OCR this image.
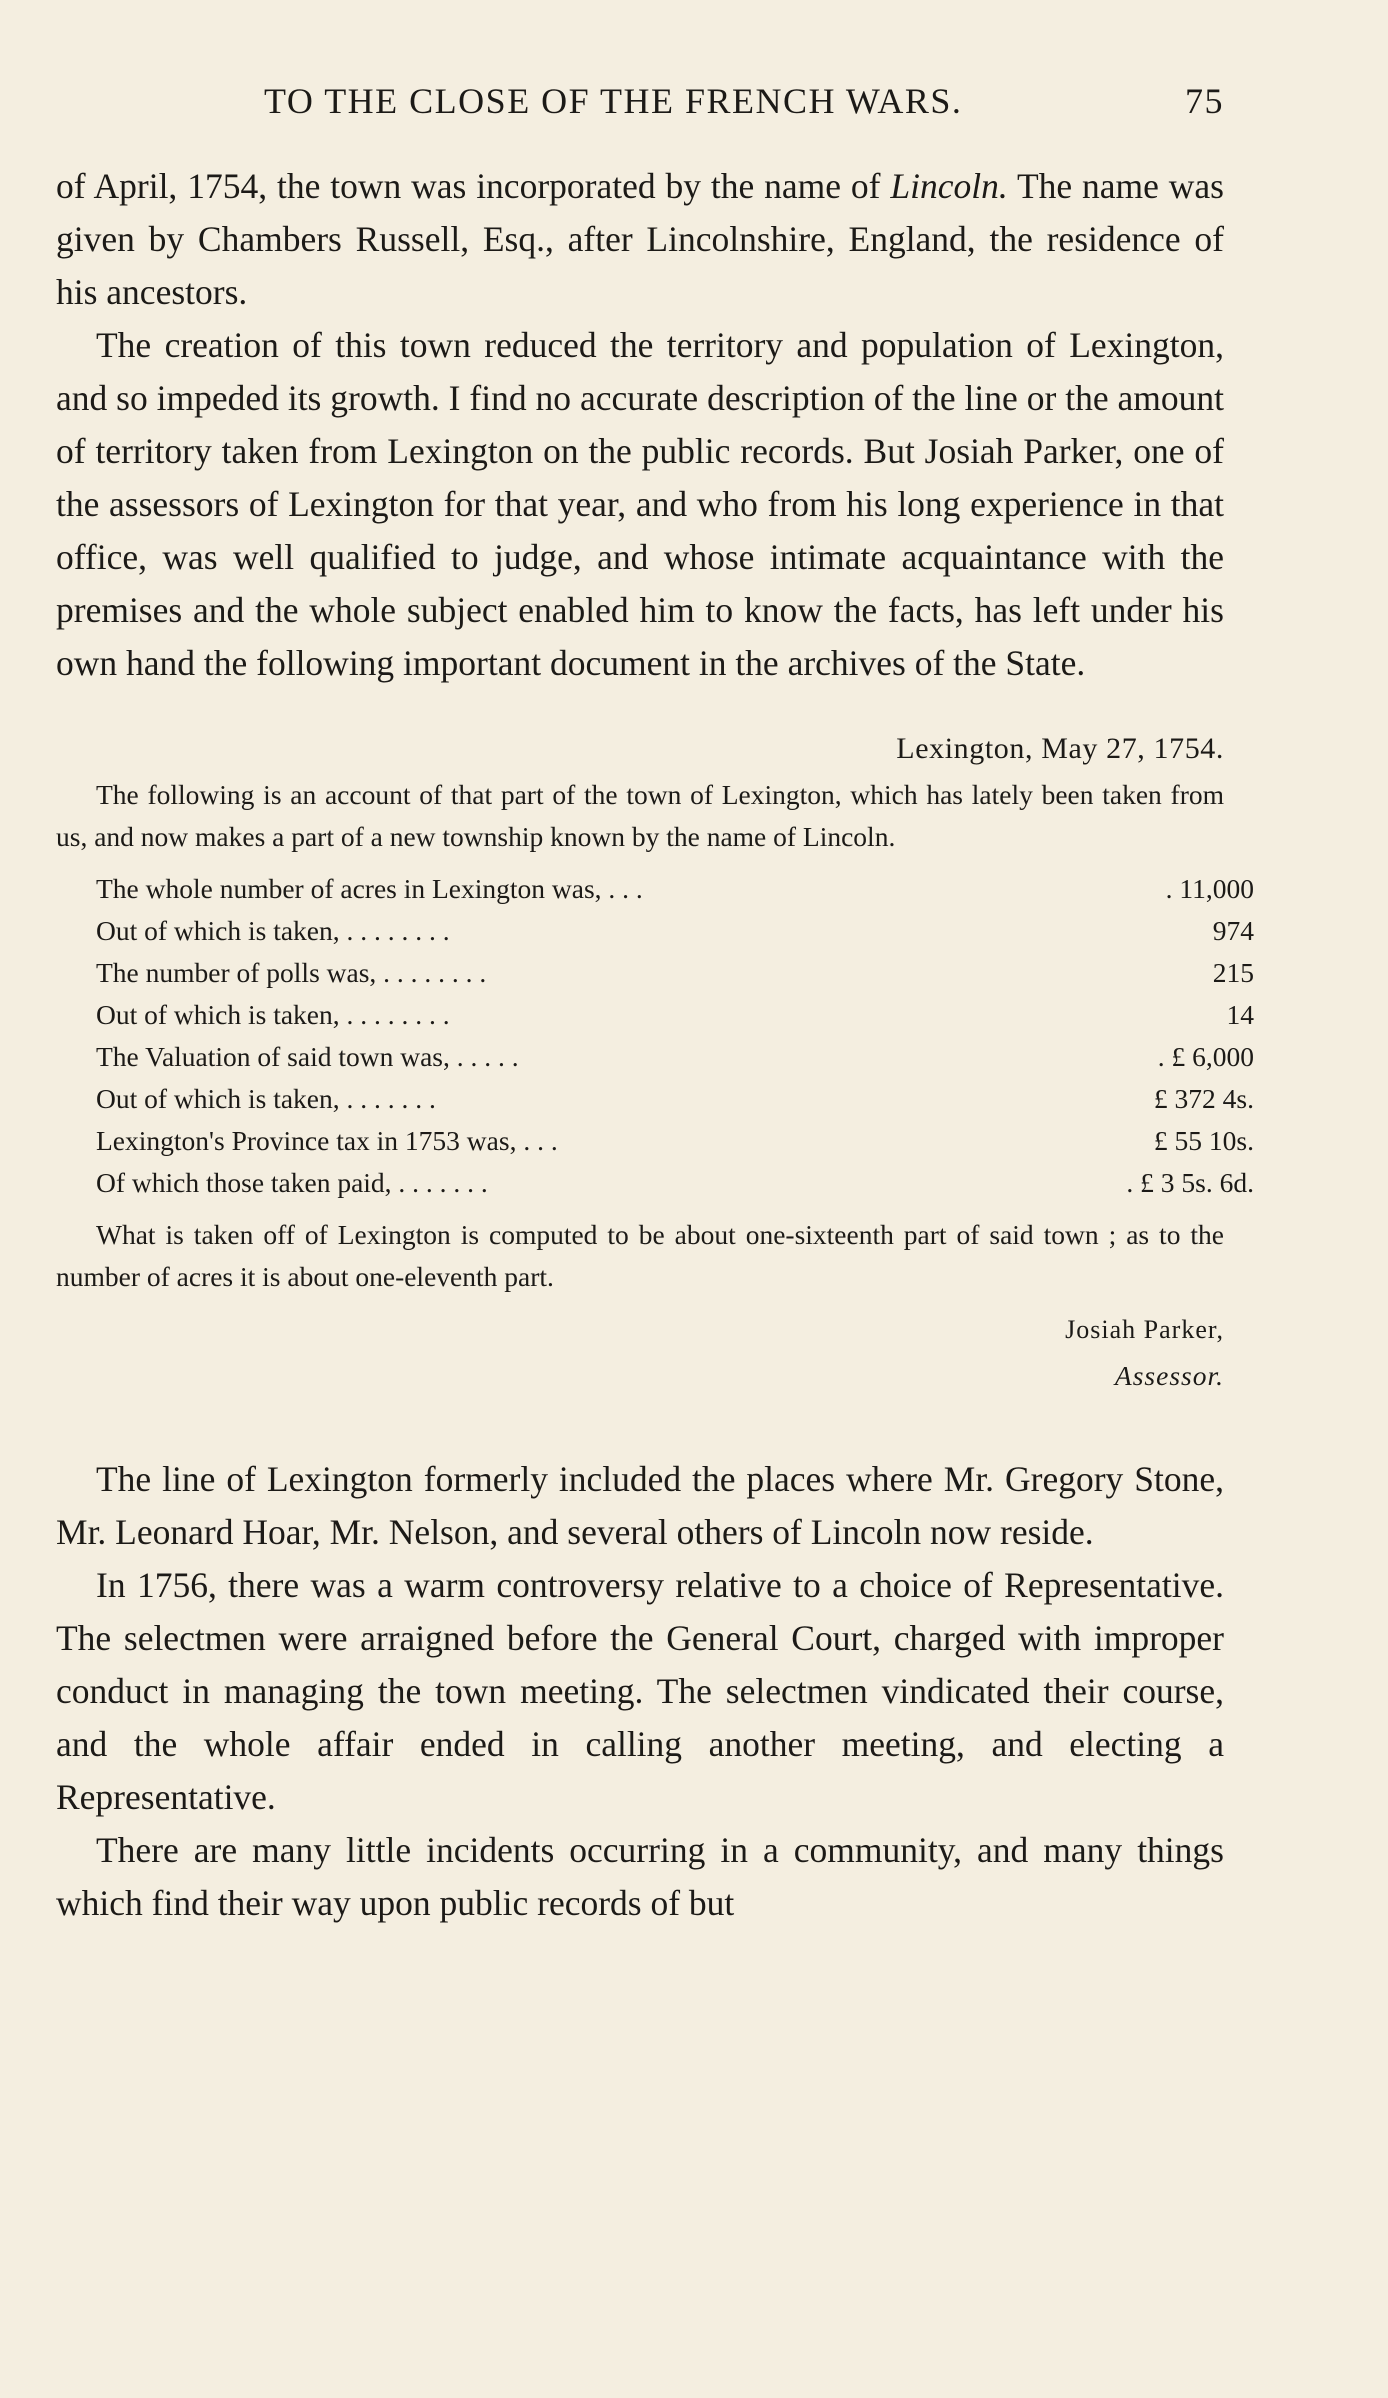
TO THE CLOSE OF THE FRENCH WARS.	75

of April, 1754, the town was incorporated by the name of Lincoln. The name was given by Chambers Russell, Esq., after Lincolnshire, England, the residence of his ancestors.

The creation of this town reduced the territory and population of Lexington, and so impeded its growth. I find no accurate description of the line or the amount of territory taken from Lexington on the public records. But Josiah Parker, one of the assessors of Lexington for that year, and who from his long experience in that office, was well qualified to judge, and whose intimate acquaintance with the premises and the whole subject enabled him to know the facts, has left under his own hand the following important document in the archives of the State.

Lexington, May 27, 1754.

The following is an account of that part of the town of Lexington, which has lately been taken from us, and now makes a part of a new township known by the name of Lincoln.

The whole number of acres in Lexington was, . . .	. 11,000
Out of which is taken, . . . . . . . .	974
The number of polls was, . . . . . . . .	215
Out of which is taken, . . . . . . . .	14
The Valuation of said town was, . . . . .	. £ 6,000
Out of which is taken, . . . . . . .	£ 372 4s.
Lexington's Province tax in 1753 was, . . .	£ 55 10s.
Of which those taken paid, . . . . . . .	. £ 3 5s. 6d.

What is taken off of Lexington is computed to be about one-sixteenth part of said town ; as to the number of acres it is about one-eleventh part.

Josiah Parker,
Assessor.

The line of Lexington formerly included the places where Mr. Gregory Stone, Mr. Leonard Hoar, Mr. Nelson, and several others of Lincoln now reside.

In 1756, there was a warm controversy relative to a choice of Representative. The selectmen were arraigned before the General Court, charged with improper conduct in managing the town meeting. The selectmen vindicated their course, and the whole affair ended in calling another meeting, and electing a Representative.

There are many little incidents occurring in a community, and many things which find their way upon public records of but
